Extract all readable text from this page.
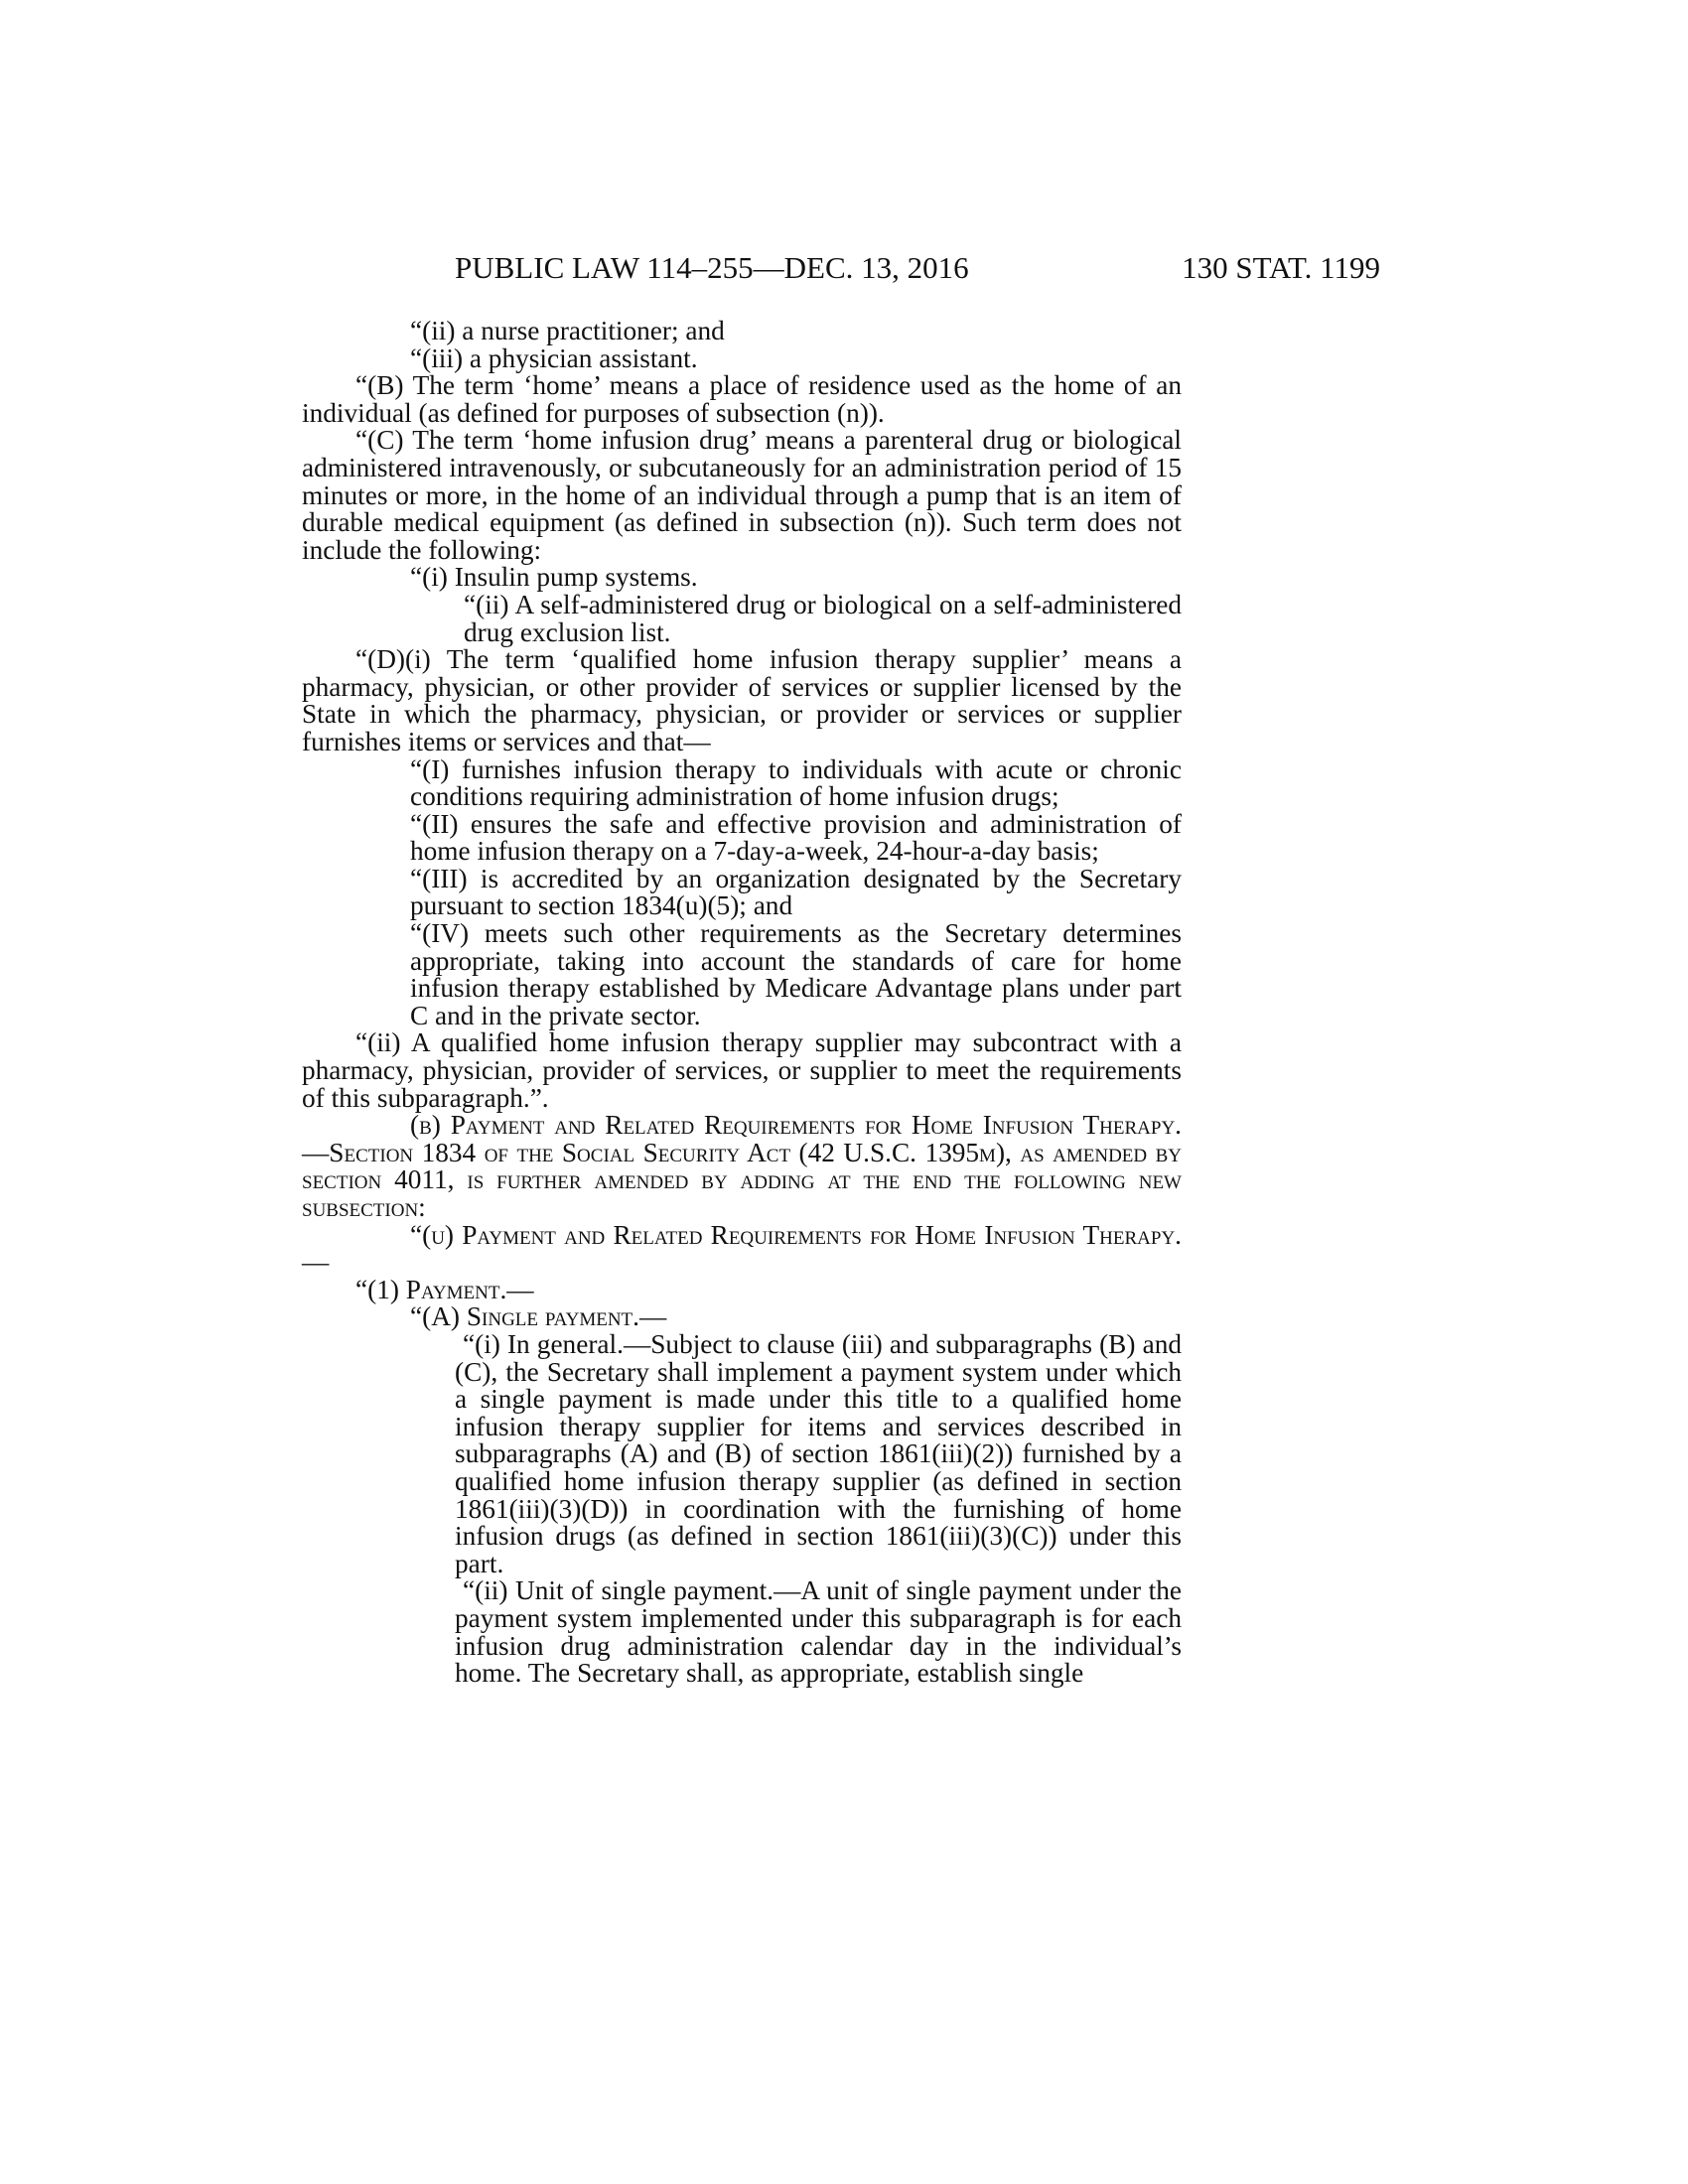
PUBLIC LAW 114–255—DEC. 13, 2016	130 STAT. 1199

“(ii) a nurse practitioner; and

“(iii) a physician assistant.

“(B) The term ‘home’ means a place of residence used as the home of an individual (as defined for purposes of subsection (n)).

“(C) The term ‘home infusion drug’ means a parenteral drug or biological administered intravenously, or subcutaneously for an administration period of 15 minutes or more, in the home of an individual through a pump that is an item of durable medical equipment (as defined in subsection (n)). Such term does not include the following:

“(i) Insulin pump systems.

“(ii) A self-administered drug or biological on a self-administered drug exclusion list.

“(D)(i) The term ‘qualified home infusion therapy supplier’ means a pharmacy, physician, or other provider of services or supplier licensed by the State in which the pharmacy, physician, or provider or services or supplier furnishes items or services and that—

“(I) furnishes infusion therapy to individuals with acute or chronic conditions requiring administration of home infusion drugs;

“(II) ensures the safe and effective provision and administration of home infusion therapy on a 7-day-a-week, 24-hour-a-day basis;

“(III) is accredited by an organization designated by the Secretary pursuant to section 1834(u)(5); and

“(IV) meets such other requirements as the Secretary determines appropriate, taking into account the standards of care for home infusion therapy established by Medicare Advantage plans under part C and in the private sector.

“(ii) A qualified home infusion therapy supplier may subcontract with a pharmacy, physician, provider of services, or supplier to meet the requirements of this subparagraph.”.

(b) Payment and Related Requirements for Home Infusion Therapy.—Section 1834 of the Social Security Act (42 U.S.C. 1395m), as amended by section 4011, is further amended by adding at the end the following new subsection:

“(u) Payment and Related Requirements for Home Infusion Therapy.—

“(1) Payment.—

“(A) Single payment.—

“(i) In general.—Subject to clause (iii) and subparagraphs (B) and (C), the Secretary shall implement a payment system under which a single payment is made under this title to a qualified home infusion therapy supplier for items and services described in subparagraphs (A) and (B) of section 1861(iii)(2)) furnished by a qualified home infusion therapy supplier (as defined in section 1861(iii)(3)(D)) in coordination with the furnishing of home infusion drugs (as defined in section 1861(iii)(3)(C)) under this part.

“(ii) Unit of single payment.—A unit of single payment under the payment system implemented under this subparagraph is for each infusion drug administration calendar day in the individual’s home. The Secretary shall, as appropriate, establish single
